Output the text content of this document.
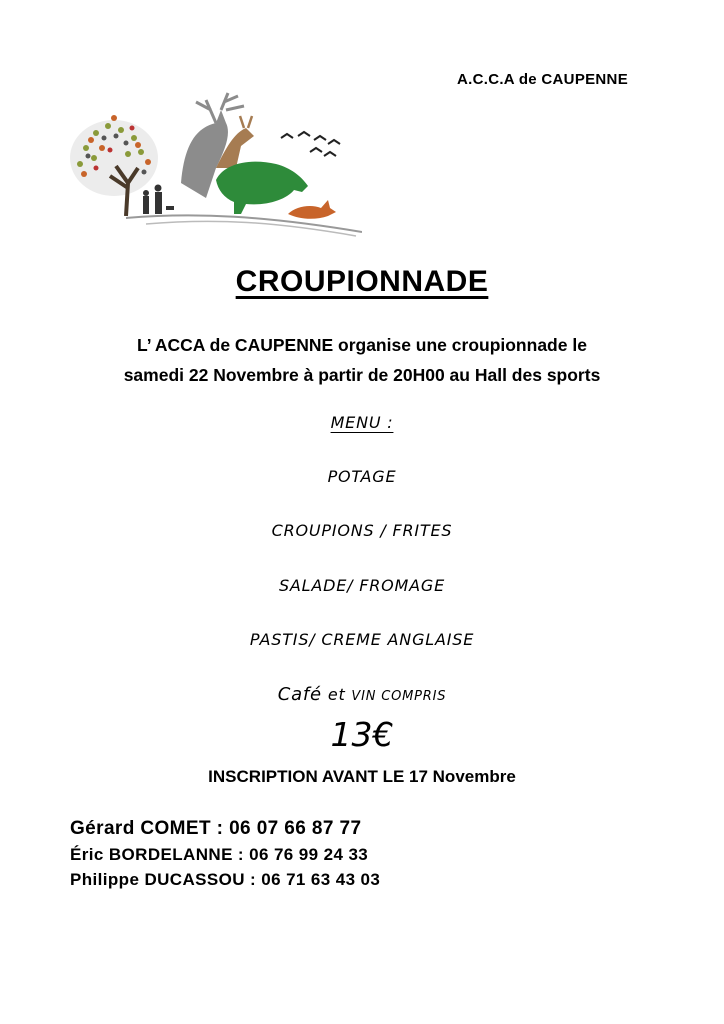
A.C.C.A de CAUPENNE
CROUPIONNADE
L’ ACCA de CAUPENNE organise une croupionnade le
samedi 22 Novembre à partir de 20H00 au Hall des sports
MENU :
POTAGE
CROUPIONS / FRITES
SALADE/ FROMAGE
PASTIS/ CREME ANGLAISE
Café et VIN COMPRIS
13€
INSCRIPTION AVANT LE 17 Novembre
Gérard COMET : 06 07 66 87 77
Éric BORDELANNE : 06 76 99 24 33
Philippe DUCASSOU : 06 71 63 43 03
